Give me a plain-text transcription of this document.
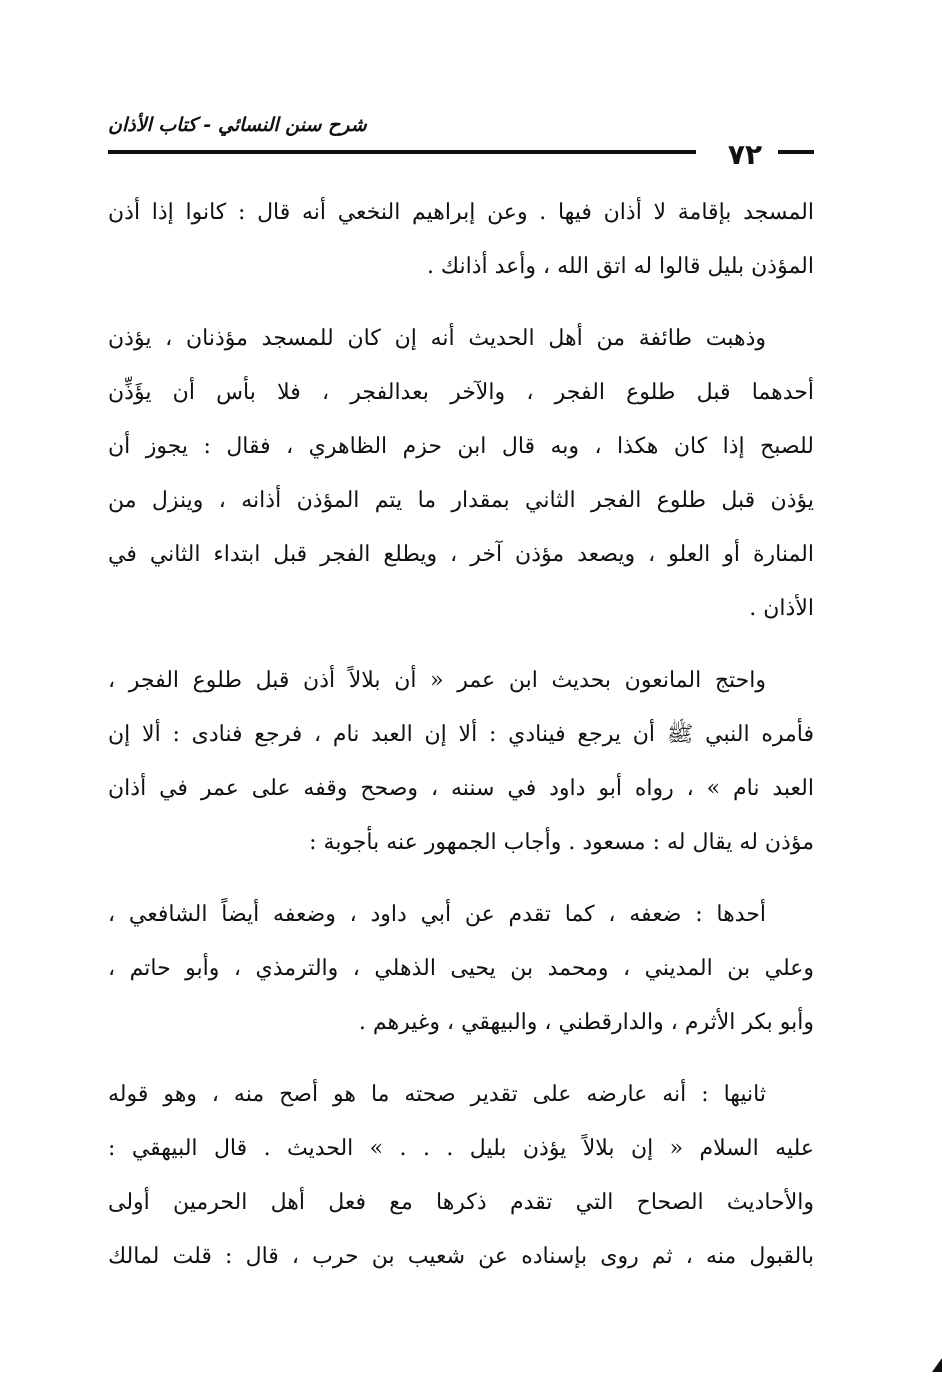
شرح سنن النسائي - كتاب الأذان
٧٢
المسجد بإقامة لا أذان فيها . وعن إبراهيم النخعي أنه قال : كانوا إذا أذن
المؤذن بليل قالوا له اتق الله ، وأعد أذانك .
وذهبت طائفة من أهل الحديث أنه إن كان للمسجد مؤذنان ، يؤذن
أحدهما قبل طلوع الفجر ، والآخر بعدالفجر ، فلا بأس أن يؤَذِّن
للصبح إذا كان هكذا ، وبه قال ابن حزم الظاهري ، فقال : يجوز أن
يؤذن قبل طلوع الفجر الثاني بمقدار ما يتم المؤذن أذانه ، وينزل من
المنارة أو العلو ، ويصعد مؤذن آخر ، ويطلع الفجر قبل ابتداء الثاني في
الأذان .
واحتج المانعون بحديث ابن عمر « أن بلالاً أذن قبل طلوع الفجر ،
فأمره النبي ﷺ أن يرجع فينادي : ألا إن العبد نام ، فرجع فنادى : ألا إن
العبد نام » ، رواه أبو داود في سننه ، وصحح وقفه على عمر في أذان
مؤذن له يقال له : مسعود . وأجاب الجمهور عنه بأجوبة :
أحدها : ضعفه ، كما تقدم عن أبي داود ، وضعفه أيضاً الشافعي ،
وعلي بن المديني ، ومحمد بن يحيى الذهلي ، والترمذي ، وأبو حاتم ،
وأبو بكر الأثرم ، والدارقطني ، والبيهقي ، وغيرهم .
ثانيها : أنه عارضه على تقدير صحته ما هو أصح منه ، وهو قوله
عليه السلام « إن بلالاً يؤذن بليل . . . » الحديث . قال البيهقي :
والأحاديث الصحاح التي تقدم ذكرها مع فعل أهل الحرمين أولى
بالقبول منه ، ثم روى بإسناده عن شعيب بن حرب ، قال : قلت لمالك
